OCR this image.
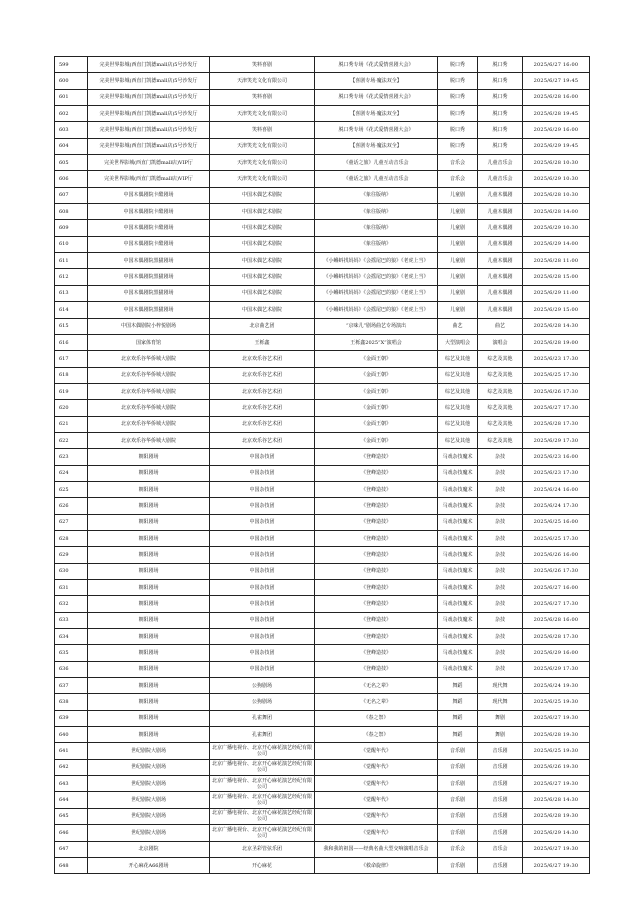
599	完美世界影城(西直门凯德mall店)5号沙发厅	笑料喜剧	脱口秀专场《花式爱情喜剧大会》	脱口秀	脱口秀	2025/6/27 16:00
600	完美世界影城(西直门凯德mall店)5号沙发厅	天津笑光文化有限公司	【喜剧专场·魔法双全】	脱口秀	脱口秀	2025/6/27 19:45
601	完美世界影城(西直门凯德mall店)5号沙发厅	笑料喜剧	脱口秀专场《花式爱情喜剧大会》	脱口秀	脱口秀	2025/6/28 16:00
602	完美世界影城(西直门凯德mall店)5号沙发厅	天津笑光文化有限公司	【喜剧专场·魔法双全】	脱口秀	脱口秀	2025/6/28 19:45
603	完美世界影城(西直门凯德mall店)5号沙发厅	笑料喜剧	脱口秀专场《花式爱情喜剧大会》	脱口秀	脱口秀	2025/6/29 16:00
604	完美世界影城(西直门凯德mall店)5号沙发厅	天津笑光文化有限公司	【喜剧专场·魔法双全】	脱口秀	脱口秀	2025/6/29 19:45
605	完美世界影城(西直门凯德mall店)VIP厅	天津笑光文化有限公司	《童话之旅》儿童互动音乐会	音乐会	儿童音乐会	2025/6/28 10:30
606	完美世界影城(西直门凯德mall店)VIP厅	天津笑光文化有限公司	《童话之旅》儿童互动音乐会	音乐会	儿童音乐会	2025/6/29 10:30
607	中国木偶剧院卡酷剧场	中国木偶艺术剧院	《象往版纳》	儿童剧	儿童木偶剧	2025/6/28 10:30
608	中国木偶剧院卡酷剧场	中国木偶艺术剧院	《象往版纳》	儿童剧	儿童木偶剧	2025/6/28 14:00
609	中国木偶剧院卡酷剧场	中国木偶艺术剧院	《象往版纳》	儿童剧	儿童木偶剧	2025/6/29 10:30
610	中国木偶剧院卡酷剧场	中国木偶艺术剧院	《象往版纳》	儿童剧	儿童木偶剧	2025/6/29 14:00
611	中国木偶剧院黑猫剧场	中国木偶艺术剧院	《小蝌蚪找妈妈》《会摇尾巴的狼》《老虎上当》	儿童剧	儿童木偶剧	2025/6/28 11:00
612	中国木偶剧院黑猫剧场	中国木偶艺术剧院	《小蝌蚪找妈妈》《会摇尾巴的狼》《老虎上当》	儿童剧	儿童木偶剧	2025/6/28 15:00
613	中国木偶剧院黑猫剧场	中国木偶艺术剧院	《小蝌蚪找妈妈》《会摇尾巴的狼》《老虎上当》	儿童剧	儿童木偶剧	2025/6/29 11:00
614	中国木偶剧院黑猫剧场	中国木偶艺术剧院	《小蝌蚪找妈妈》《会摇尾巴的狼》《老虎上当》	儿童剧	儿童木偶剧	2025/6/29 15:00
615	中国木偶剧院小梓悦剧场	北京曲艺团	“京味儿”剧场曲艺专场演出	曲艺	曲艺	2025/6/28 14:30
616	国家体育馆	王栎鑫	王栎鑫2025“X”演唱会	大型演唱会	演唱会	2025/6/28 19:00
617	北京欢乐谷华侨城大剧院	北京欢乐谷艺术团	《金面王朝》	综艺及其他	综艺及其他	2025/6/23 17:30
618	北京欢乐谷华侨城大剧院	北京欢乐谷艺术团	《金面王朝》	综艺及其他	综艺及其他	2025/6/25 17:30
619	北京欢乐谷华侨城大剧院	北京欢乐谷艺术团	《金面王朝》	综艺及其他	综艺及其他	2025/6/26 17:30
620	北京欢乐谷华侨城大剧院	北京欢乐谷艺术团	《金面王朝》	综艺及其他	综艺及其他	2025/6/27 17:30
621	北京欢乐谷华侨城大剧院	北京欢乐谷艺术团	《金面王朝》	综艺及其他	综艺及其他	2025/6/28 17:30
622	北京欢乐谷华侨城大剧院	北京欢乐谷艺术团	《金面王朝》	综艺及其他	综艺及其他	2025/6/29 17:30
623	朝阳剧场	中国杂技团	《登峰造技》	马戏杂技魔术	杂技	2025/6/23 16:00
624	朝阳剧场	中国杂技团	《登峰造技》	马戏杂技魔术	杂技	2025/6/23 17:30
625	朝阳剧场	中国杂技团	《登峰造技》	马戏杂技魔术	杂技	2025/6/24 16:00
626	朝阳剧场	中国杂技团	《登峰造技》	马戏杂技魔术	杂技	2025/6/24 17:30
627	朝阳剧场	中国杂技团	《登峰造技》	马戏杂技魔术	杂技	2025/6/25 16:00
628	朝阳剧场	中国杂技团	《登峰造技》	马戏杂技魔术	杂技	2025/6/25 17:30
629	朝阳剧场	中国杂技团	《登峰造技》	马戏杂技魔术	杂技	2025/6/26 16:00
630	朝阳剧场	中国杂技团	《登峰造技》	马戏杂技魔术	杂技	2025/6/26 17:30
631	朝阳剧场	中国杂技团	《登峰造技》	马戏杂技魔术	杂技	2025/6/27 16:00
632	朝阳剧场	中国杂技团	《登峰造技》	马戏杂技魔术	杂技	2025/6/27 17:30
633	朝阳剧场	中国杂技团	《登峰造技》	马戏杂技魔术	杂技	2025/6/28 16:00
634	朝阳剧场	中国杂技团	《登峰造技》	马戏杂技魔术	杂技	2025/6/28 17:30
635	朝阳剧场	中国杂技团	《登峰造技》	马戏杂技魔术	杂技	2025/6/29 16:00
636	朝阳剧场	中国杂技团	《登峰造技》	马戏杂技魔术	杂技	2025/6/29 17:30
637	朝阳剧场	公狗剧场	《无名之辈》	舞蹈	现代舞	2025/6/24 19:30
638	朝阳剧场	公狗剧场	《无名之辈》	舞蹈	现代舞	2025/6/25 19:30
639	朝阳剧场	孔雀舞团	《春之祭》	舞蹈	舞剧	2025/6/27 19:30
640	朝阳剧场	孔雀舞团	《春之祭》	舞蹈	舞剧	2025/6/28 19:30
641	世纪剧院大剧场	北京广播电视台、北京开心麻花演艺经纪有限公司	《觉醒年代》	音乐剧	音乐剧	2025/6/25 19:30
642	世纪剧院大剧场	北京广播电视台、北京开心麻花演艺经纪有限公司	《觉醒年代》	音乐剧	音乐剧	2025/6/26 19:30
643	世纪剧院大剧场	北京广播电视台、北京开心麻花演艺经纪有限公司	《觉醒年代》	音乐剧	音乐剧	2025/6/27 19:30
644	世纪剧院大剧场	北京广播电视台、北京开心麻花演艺经纪有限公司	《觉醒年代》	音乐剧	音乐剧	2025/6/28 14:30
645	世纪剧院大剧场	北京广播电视台、北京开心麻花演艺经纪有限公司	《觉醒年代》	音乐剧	音乐剧	2025/6/28 19:30
646	世纪剧院大剧场	北京广播电视台、北京开心麻花演艺经纪有限公司	《觉醒年代》	音乐剧	音乐剧	2025/6/29 14:30
647	北京剧院	北京圣彩管弦乐团	我和我的祖国——经典名曲大型交响演唱音乐会	音乐会	音乐会	2025/6/27 19:30
648	开心麻花A66剧场	开心麻花	《救命旋律》	音乐剧	音乐剧	2025/6/27 19:30
